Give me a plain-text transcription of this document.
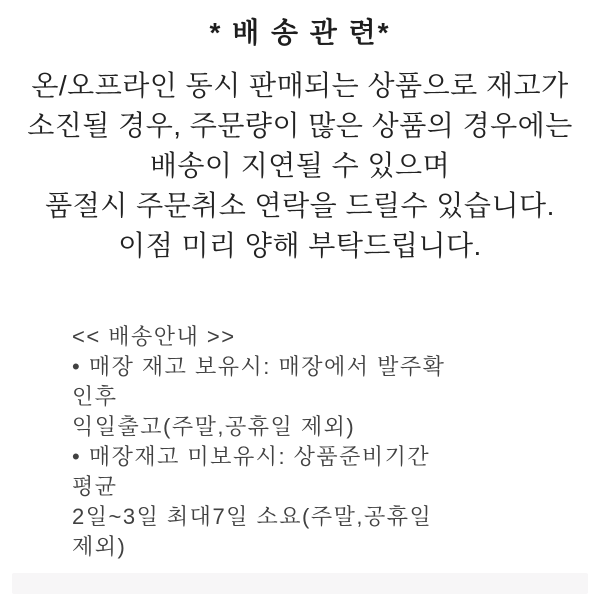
* 배 송 관 련*
온/오프라인 동시 판매되는 상품으로 재고가
소진될 경우, 주문량이 많은 상품의 경우에는
배송이 지연될 수 있으며
품절시 주문취소 연락을 드릴수 있습니다.
이점 미리 양해 부탁드립니다.
<< 배송안내 >>
• 매장 재고 보유시: 매장에서 발주확
인후
익일출고(주말,공휴일 제외)
• 매장재고 미보유시: 상품준비기간
평균
2일~3일 최대7일 소요(주말,공휴일
제외)
